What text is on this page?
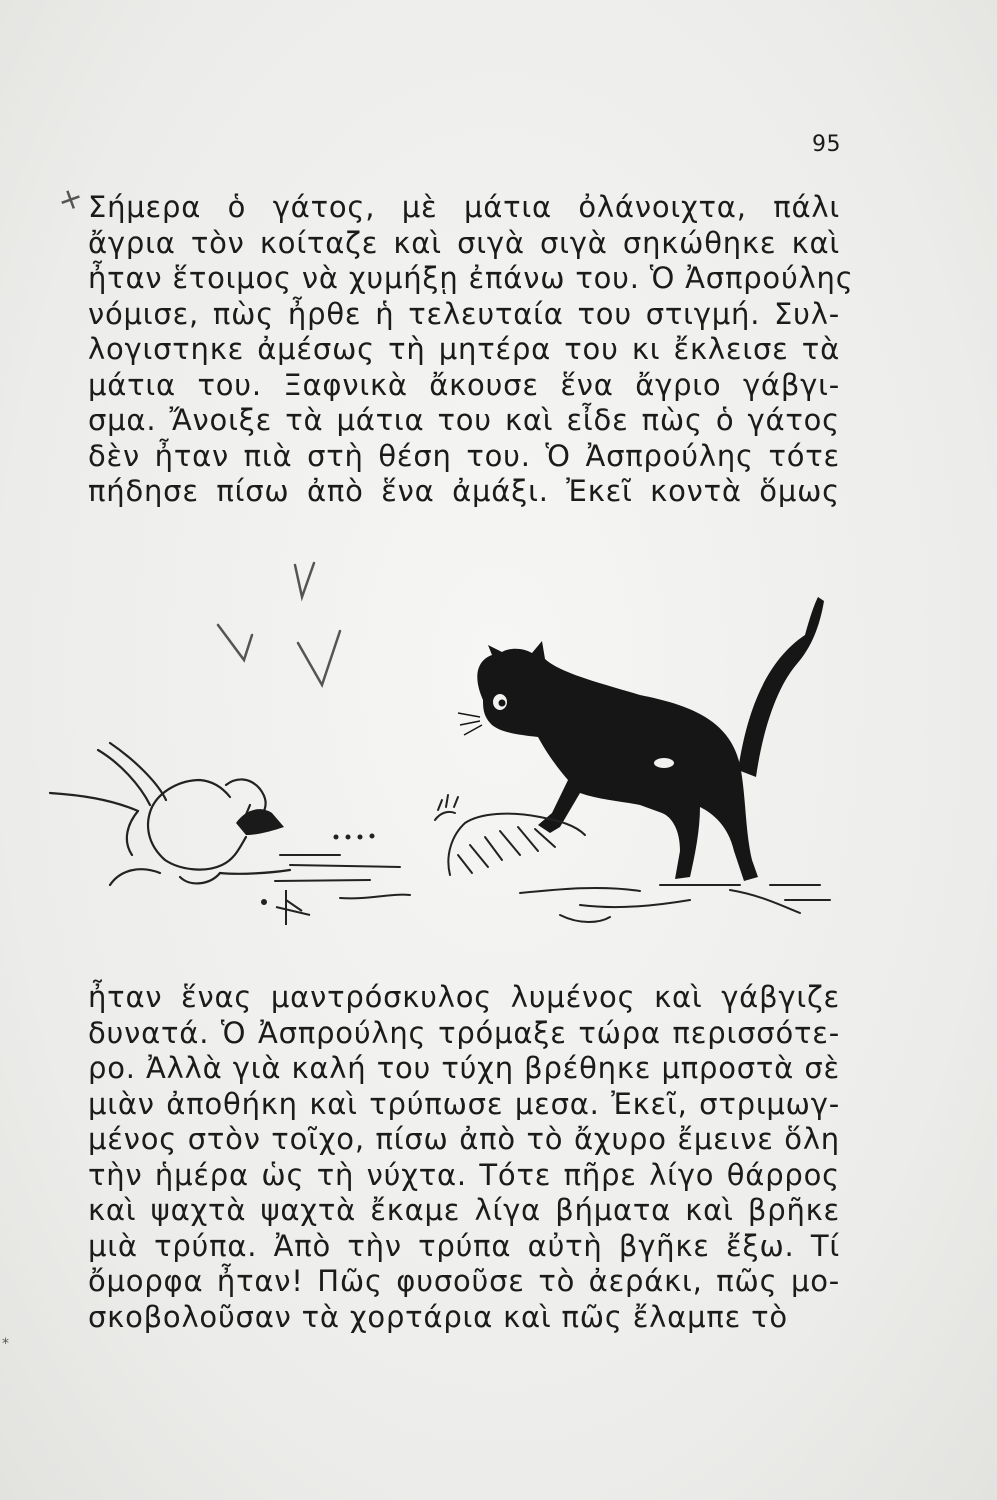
95
+
*
Σήμερα ὁ γάτος, μὲ μάτια ὀλάνοιχτα, πάλι
ἄγρια τὸν κοίταζε καὶ σιγὰ σιγὰ σηκώθηκε καὶ
ἦταν ἕτοιμος νὰ χυμήξῃ ἐπάνω του. Ὁ Ἀσπρούλης
νόμισε, πὼς ἦρθε ἡ τελευταία του στιγμή. Συλ-
λογιστηκε ἀμέσως τὴ μητέρα του κι ἔκλεισε τὰ
μάτια του. Ξαφνικὰ ἄκουσε ἕνα ἄγριο γάβγι-
σμα. Ἄνοιξε τὰ μάτια του καὶ εἶδε πὼς ὁ γάτος
δὲν ἦταν πιὰ στὴ θέση του. Ὁ Ἀσπρούλης τότε
πήδησε πίσω ἀπὸ ἕνα ἀμάξι. Ἐκεῖ κοντὰ ὅμως
ἦταν ἕνας μαντρόσκυλος λυμένος καὶ γάβγιζε
δυνατά. Ὁ Ἀσπρούλης τρόμαξε τώρα περισσότε-
ρο. Ἀλλὰ γιὰ καλή του τύχη βρέθηκε μπροστὰ σὲ
μιὰν ἀποθήκη καὶ τρύπωσε μεσα. Ἐκεῖ, στριμωγ-
μένος στὸν τοῖχο, πίσω ἀπὸ τὸ ἄχυρο ἔμεινε ὅλη
τὴν ἡμέρα ὡς τὴ νύχτα. Τότε πῆρε λίγο θάρρος
καὶ ψαχτὰ ψαχτὰ ἔκαμε λίγα βήματα καὶ βρῆκε
μιὰ τρύπα. Ἀπὸ τὴν τρύπα αὐτὴ βγῆκε ἔξω. Τί
ὄμορφα ἦταν! Πῶς φυσοῦσε τὸ ἀεράκι, πῶς μο-
σκοβολοῦσαν τὰ χορτάρια καὶ πῶς ἔλαμπε τὸ
